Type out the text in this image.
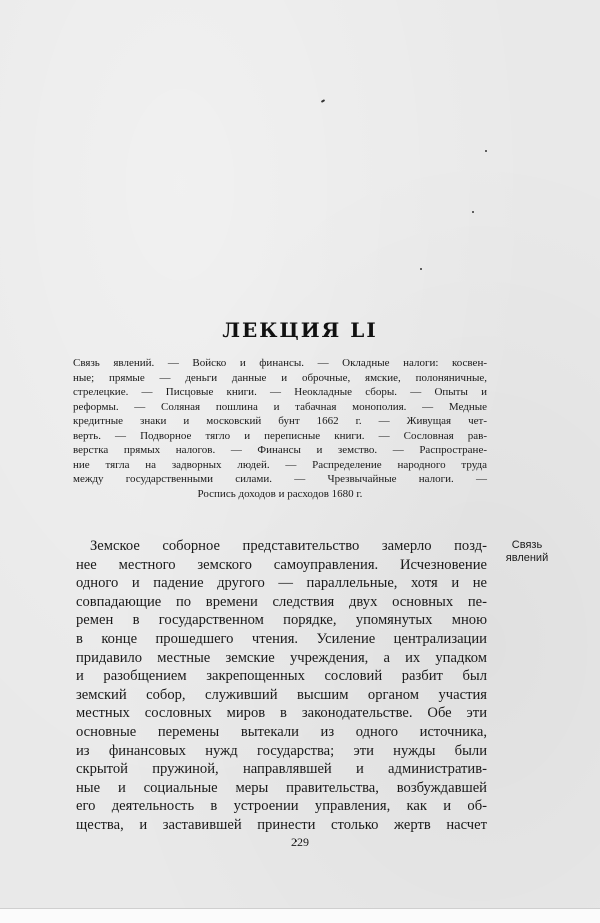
ЛЕКЦИЯ LI
Связь явлений. — Войско и финансы. — Окладные налоги: косвен-
ные; прямые — деньги данные и оброчные, ямские, полоняничные,
стрелецкие. — Писцовые книги. — Неокладные сборы. — Опыты и
реформы. — Соляная пошлина и табачная монополия. — Медные
кредитные знаки и московский бунт 1662 г. — Живущая чет-
верть. — Подворное тягло и переписные книги. — Сословная рав-
верстка прямых налогов. — Финансы и земство. — Распростране-
ние тягла на задворных людей. — Распределение народного труда
между государственными силами. — Чрезвычайные налоги. —
Роспись доходов и расходов 1680 г.
Связь
явлений
Земское соборное представительство замерло позд-
нее местного земского самоуправления. Исчезновение
одного и падение другого — параллельные, хотя и не
совпадающие по времени следствия двух основных пе-
ремен в государственном порядке, упомянутых мною
в конце прошедшего чтения. Усиление централизации
придавило местные земские учреждения, а их упадком
и разобщением закрепощенных сословий разбит был
земский собор, служивший высшим органом участия
местных сословных миров в законодательстве. Обе эти
основные перемены вытекали из одного источника,
из финансовых нужд государства; эти нужды были
скрытой пружиной, направлявшей и административ-
ные и социальные меры правительства, возбуждавшей
его деятельность в устроении управления, как и об-
щества, и заставившей принести столько жертв насчет
229
